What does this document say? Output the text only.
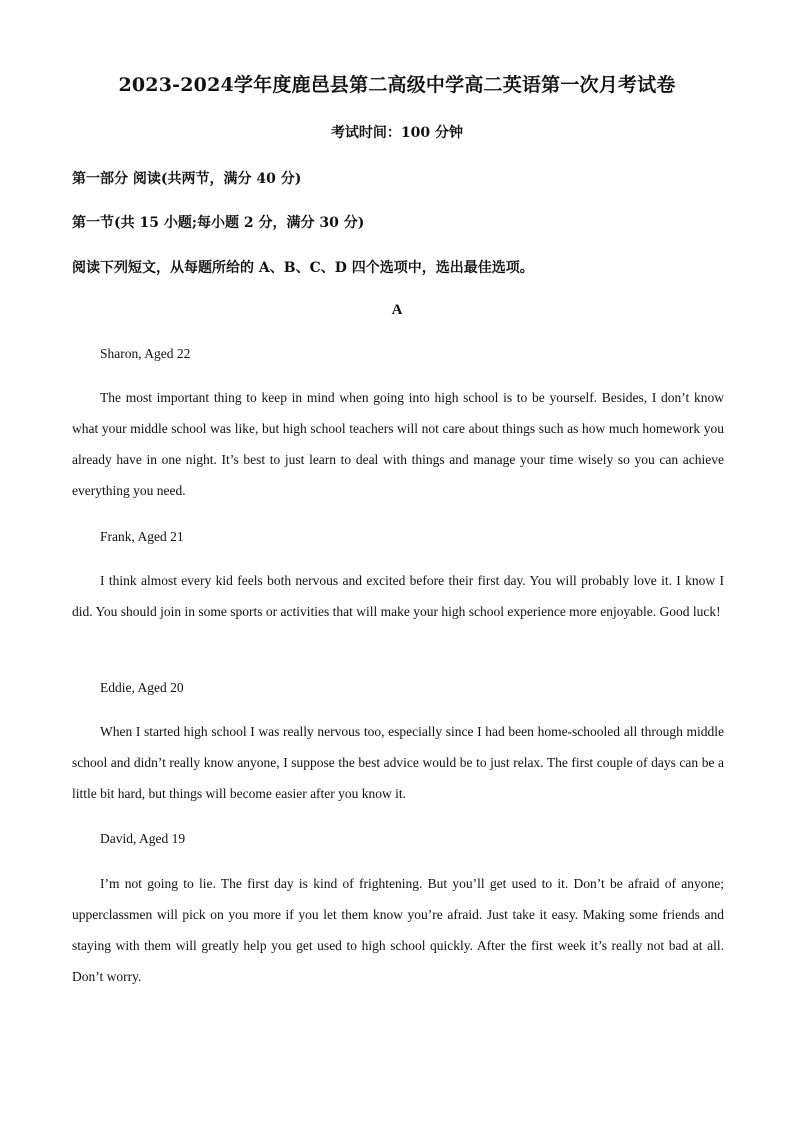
2023-2024学年度鹿邑县第二高级中学高二英语第一次月考试卷
考试时间：100 分钟
第一部分 阅读(共两节，满分 40 分)
第一节(共 15 小题;每小题 2 分，满分 30 分)
阅读下列短文，从每题所给的 A、B、C、D 四个选项中，选出最佳选项。
A
Sharon, Aged 22
The most important thing to keep in mind when going into high school is to be yourself. Besides, I don’t know what your middle school was like, but high school teachers will not care about things such as how much homework you already have in one night. It’s best to just learn to deal with things and manage your time wisely so you can achieve everything you need.
Frank, Aged 21
I think almost every kid feels both nervous and excited before their first day. You will probably love it. I know I did. You should join in some sports or activities that will make your high school experience more enjoyable. Good luck!
Eddie, Aged 20
When I started high school I was really nervous too, especially since I had been home-schooled all through middle school and didn’t really know anyone, I suppose the best advice would be to just relax. The first couple of days can be a little bit hard, but things will become easier after you know it.
David, Aged 19
I’m not going to lie. The first day is kind of frightening. But you’ll get used to it. Don’t be afraid of anyone; upperclassmen will pick on you more if you let them know you’re afraid. Just take it easy. Making some friends and staying with them will greatly help you get used to high school quickly. After the first week it’s really not bad at all. Don’t worry.
